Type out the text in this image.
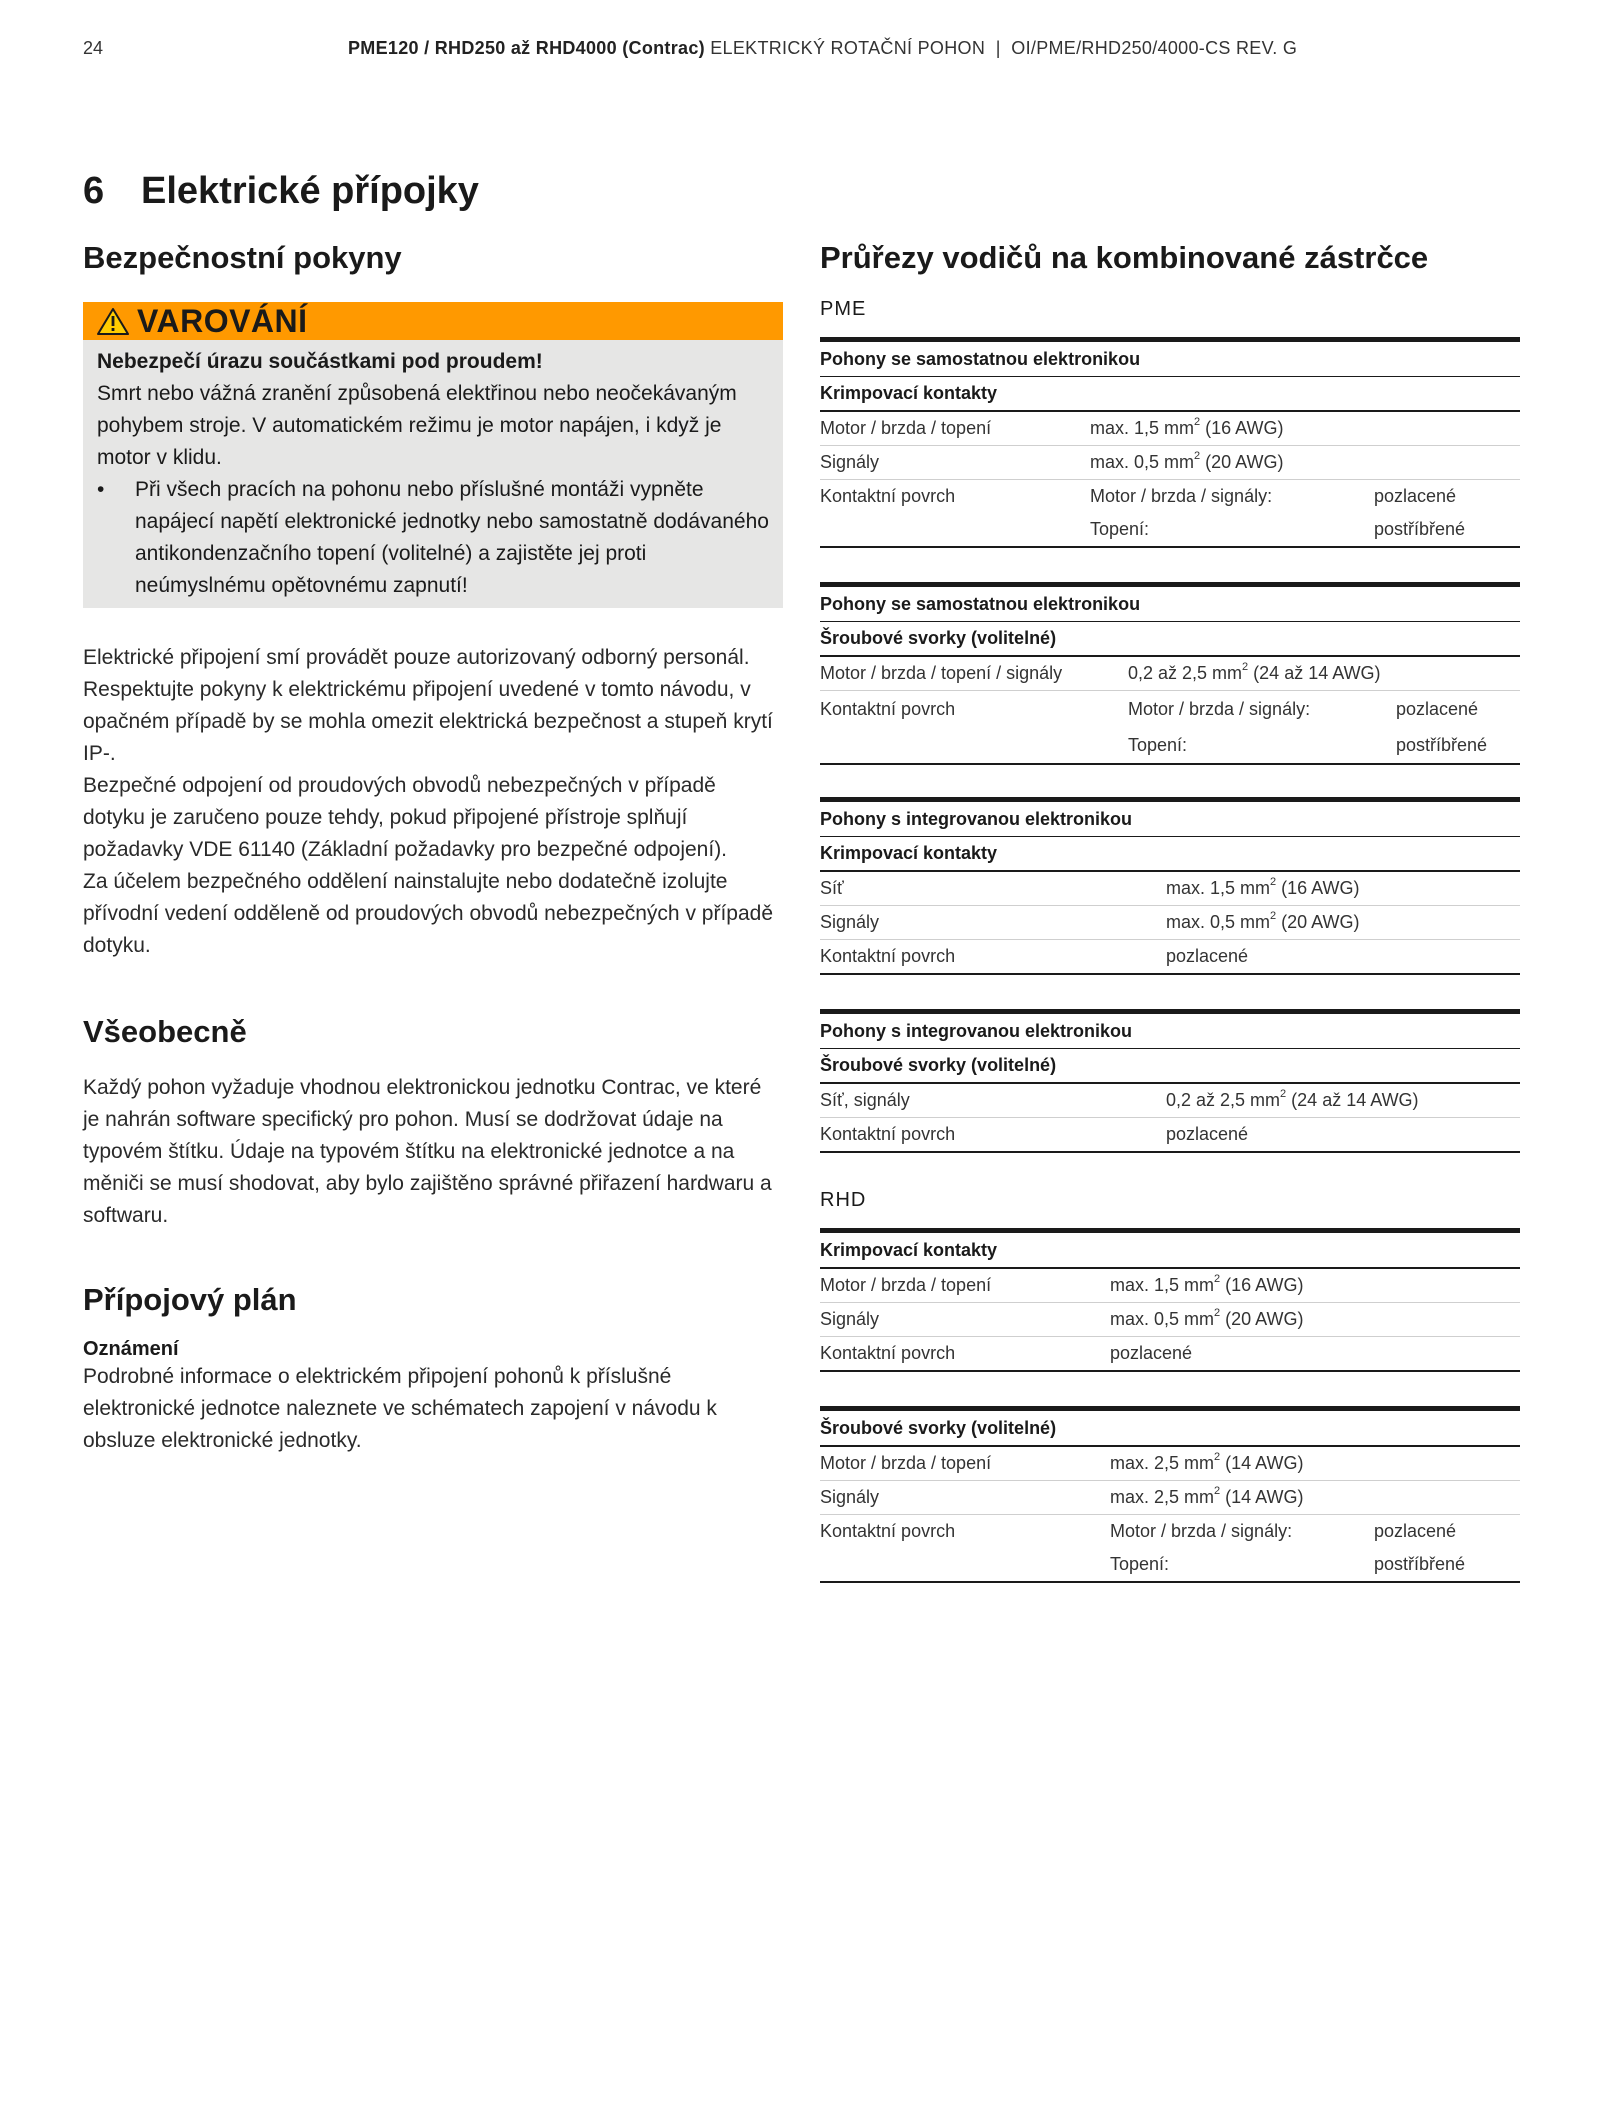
24	PME120 / RHD250 až RHD4000 (Contrac) ELEKTRICKÝ ROTAČNÍ POHON  |  OI/PME/RHD250/4000-CS REV. G
6 Elektrické přípojky
Bezpečnostní pokyny
VAROVÁNÍ
Nebezpečí úrazu součástkami pod proudem!
Smrt nebo vážná zranění způsobená elektřinou nebo neočekávaným pohybem stroje. V automatickém režimu je motor napájen, i když je motor v klidu.
•	Při všech pracích na pohonu nebo příslušné montáži vypněte napájecí napětí elektronické jednotky nebo samostatně dodávaného antikondenzačního topení (volitelné) a zajistěte jej proti neúmyslnému opětovnému zapnutí!

Elektrické připojení smí provádět pouze autorizovaný odborný personál.

Respektujte pokyny k elektrickému připojení uvedené v tomto návodu, v opačném případě by se mohla omezit elektrická bezpečnost a stupeň krytí IP-.

Bezpečné odpojení od proudových obvodů nebezpečných v případě dotyku je zaručeno pouze tehdy, pokud připojené přístroje splňují požadavky VDE 61140 (Základní požadavky pro bezpečné odpojení).

Za účelem bezpečného oddělení nainstalujte nebo dodatečně izolujte přívodní vedení odděleně od proudových obvodů nebezpečných v případě dotyku.

Všeobecně

Každý pohon vyžaduje vhodnou elektronickou jednotku Contrac, ve které je nahrán software specifický pro pohon. Musí se dodržovat údaje na typovém štítku. Údaje na typovém štítku na elektronické jednotce a na měniči se musí shodovat, aby bylo zajištěno správné přiřazení hardwaru a softwaru.

Přípojový plán

Oznámení

Podrobné informace o elektrickém připojení pohonů k příslušné elektronické jednotce naleznete ve schématech zapojení v návodu k obsluze elektronické jednotky.

Průřezy vodičů na kombinované zástrčce

PME

Pohony se samostatnou elektronikou
Krimpovací kontakty
Motor / brzda / topení	max. 1,5 $mm^2$ (16 AWG)
Signály	max. 0,5 $mm^2$ (20 AWG)
Kontaktní povrch	Motor / brzda / signály:	pozlacené
Topení:	postříbřené
Pohony se samostatnou elektronikou
Šroubové svorky (volitelné)
Motor / brzda / topení / signály	0,2 až 2,5 $mm^2$ (24 až 14 AWG)
Kontaktní povrch	Motor / brzda / signály:	pozlacené
Topení:	postříbřené
Pohony s integrovanou elektronikou
Krimpovací kontakty
Síť	max. 1,5 $mm^2$ (16 AWG)
Signály	max. 0,5 $mm^2$ (20 AWG)
Kontaktní povrch	pozlacené
Pohony s integrovanou elektronikou
Šroubové svorky (volitelné)
Síť, signály	0,2 až 2,5 $mm^2$ (24 až 14 AWG)
Kontaktní povrch	pozlacené

RHD

Krimpovací kontakty
Motor / brzda / topení	max. 1,5 $mm^2$ (16 AWG)
Signály	max. 0,5 $mm^2$ (20 AWG)
Kontaktní povrch	pozlacené
Šroubové svorky (volitelné)
Motor / brzda / topení	max. 2,5 $mm^2$ (14 AWG)
Signály	max. 2,5 $mm^2$ (14 AWG)
Kontaktní povrch	Motor / brzda / signály:	pozlacené
Topení:	postříbřené
